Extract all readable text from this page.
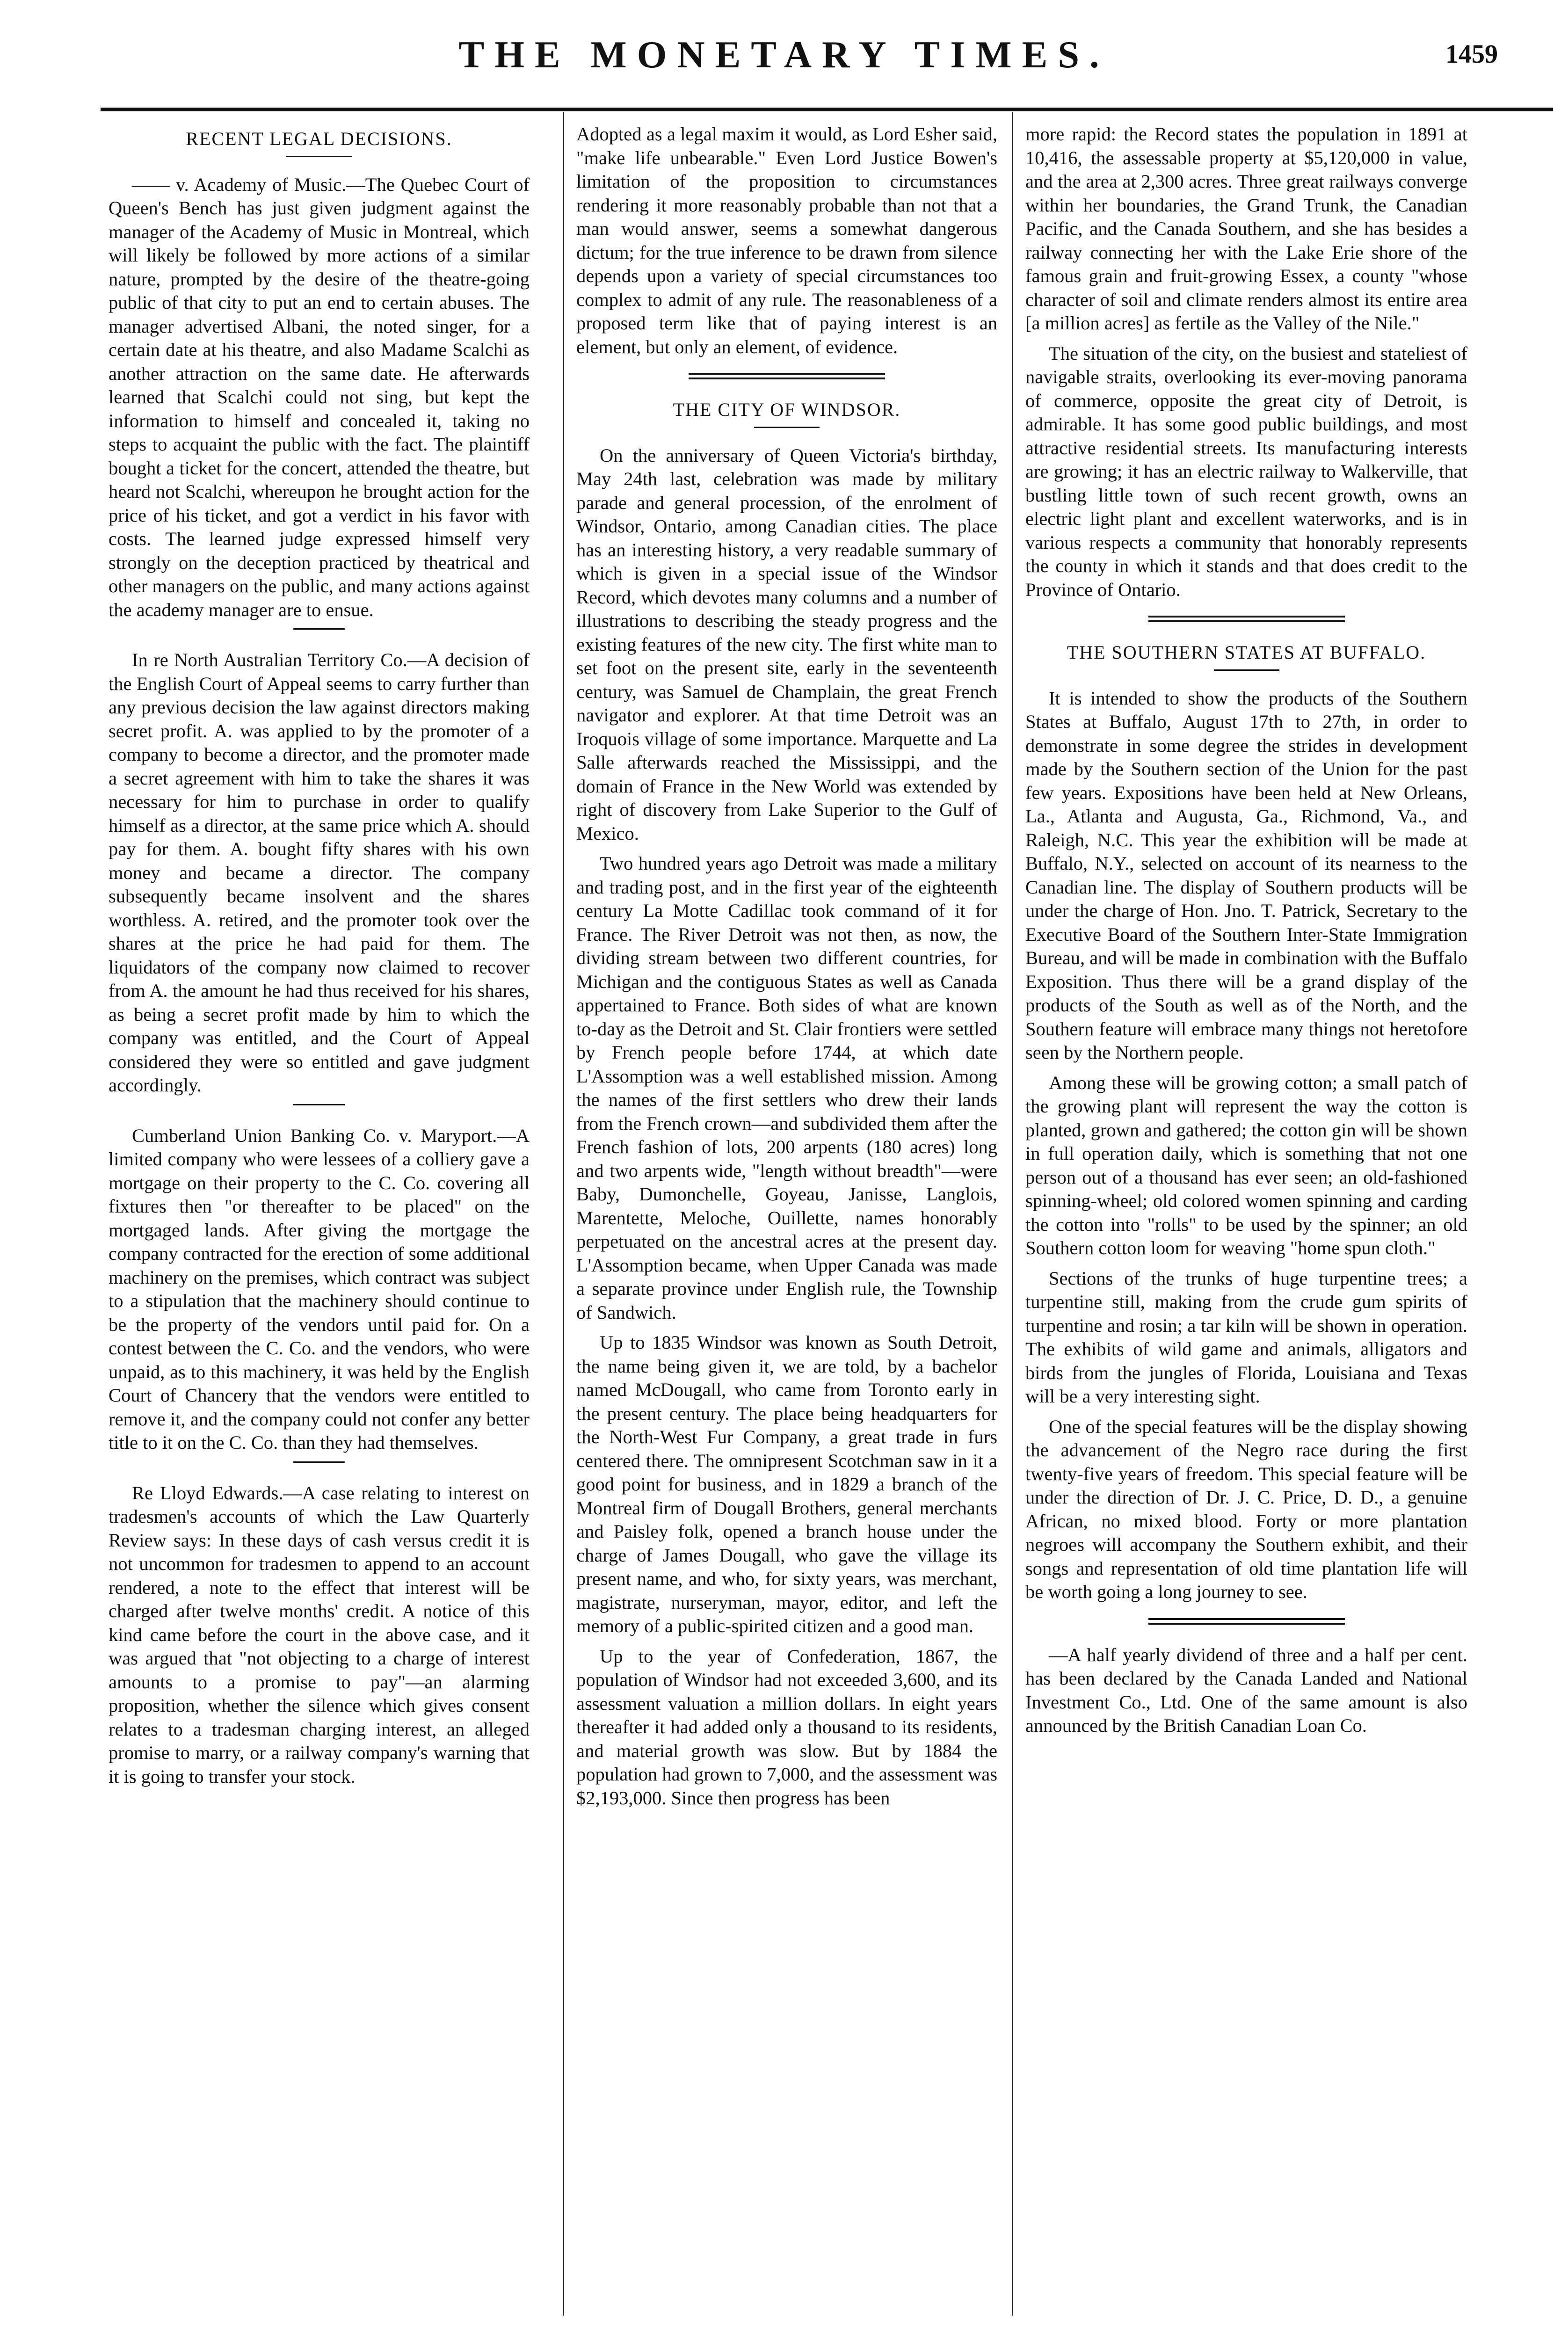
THE MONETARY TIMES.	1459
RECENT LEGAL DECISIONS.

—— v. Academy of Music.—The Quebec Court of Queen's Bench has just given judgment against the manager of the Academy of Music in Montreal, which will likely be followed by more actions of a similar nature, prompted by the desire of the theatre-going public of that city to put an end to certain abuses. The manager advertised Albani, the noted singer, for a certain date at his theatre, and also Madame Scalchi as another attraction on the same date. He afterwards learned that Scalchi could not sing, but kept the information to himself and concealed it, taking no steps to acquaint the public with the fact. The plaintiff bought a ticket for the concert, attended the theatre, but heard not Scalchi, whereupon he brought action for the price of his ticket, and got a verdict in his favor with costs. The learned judge expressed himself very strongly on the deception practiced by theatrical and other managers on the public, and many actions against the academy manager are to ensue.

In re North Australian Territory Co.—A decision of the English Court of Appeal seems to carry further than any previous decision the law against directors making secret profit. A. was applied to by the promoter of a company to become a director, and the promoter made a secret agreement with him to take the shares it was necessary for him to purchase in order to qualify himself as a director, at the same price which A. should pay for them. A. bought fifty shares with his own money and became a director. The company subsequently became insolvent and the shares worthless. A. retired, and the promoter took over the shares at the price he had paid for them. The liquidators of the company now claimed to recover from A. the amount he had thus received for his shares, as being a secret profit made by him to which the company was entitled, and the Court of Appeal considered they were so entitled and gave judgment accordingly.

Cumberland Union Banking Co. v. Maryport.—A limited company who were lessees of a colliery gave a mortgage on their property to the C. Co. covering all fixtures then "or thereafter to be placed" on the mortgaged lands. After giving the mortgage the company contracted for the erection of some additional machinery on the premises, which contract was subject to a stipulation that the machinery should continue to be the property of the vendors until paid for. On a contest between the C. Co. and the vendors, who were unpaid, as to this machinery, it was held by the English Court of Chancery that the vendors were entitled to remove it, and the company could not confer any better title to it on the C. Co. than they had themselves.

Re Lloyd Edwards.—A case relating to interest on tradesmen's accounts of which the Law Quarterly Review says: In these days of cash versus credit it is not uncommon for tradesmen to append to an account rendered, a note to the effect that interest will be charged after twelve months' credit. A notice of this kind came before the court in the above case, and it was argued that "not objecting to a charge of interest amounts to a promise to pay"—an alarming proposition, whether the silence which gives consent relates to a tradesman charging interest, an alleged promise to marry, or a railway company's warning that it is going to transfer your stock.

Adopted as a legal maxim it would, as Lord Esher said, "make life unbearable." Even Lord Justice Bowen's limitation of the proposition to circumstances rendering it more reasonably probable than not that a man would answer, seems a somewhat dangerous dictum; for the true inference to be drawn from silence depends upon a variety of special circumstances too complex to admit of any rule. The reasonableness of a proposed term like that of paying interest is an element, but only an element, of evidence.

THE CITY OF WINDSOR.

On the anniversary of Queen Victoria's birthday, May 24th last, celebration was made by military parade and general procession, of the enrolment of Windsor, Ontario, among Canadian cities. The place has an interesting history, a very readable summary of which is given in a special issue of the Windsor Record, which devotes many columns and a number of illustrations to describing the steady progress and the existing features of the new city. The first white man to set foot on the present site, early in the seventeenth century, was Samuel de Champlain, the great French navigator and explorer. At that time Detroit was an Iroquois village of some importance. Marquette and La Salle afterwards reached the Mississippi, and the domain of France in the New World was extended by right of discovery from Lake Superior to the Gulf of Mexico.

Two hundred years ago Detroit was made a military and trading post, and in the first year of the eighteenth century La Motte Cadillac took command of it for France. The River Detroit was not then, as now, the dividing stream between two different countries, for Michigan and the contiguous States as well as Canada appertained to France. Both sides of what are known to-day as the Detroit and St. Clair frontiers were settled by French people before 1744, at which date L'Assomption was a well established mission. Among the names of the first settlers who drew their lands from the French crown—and subdivided them after the French fashion of lots, 200 arpents (180 acres) long and two arpents wide, "length without breadth"—were Baby, Dumonchelle, Goyeau, Janisse, Langlois, Marentette, Meloche, Ouillette, names honorably perpetuated on the ancestral acres at the present day. L'Assomption became, when Upper Canada was made a separate province under English rule, the Township of Sandwich.

Up to 1835 Windsor was known as South Detroit, the name being given it, we are told, by a bachelor named McDougall, who came from Toronto early in the present century. The place being headquarters for the North-West Fur Company, a great trade in furs centered there. The omnipresent Scotchman saw in it a good point for business, and in 1829 a branch of the Montreal firm of Dougall Brothers, general merchants and Paisley folk, opened a branch house under the charge of James Dougall, who gave the village its present name, and who, for sixty years, was merchant, magistrate, nurseryman, mayor, editor, and left the memory of a public-spirited citizen and a good man.

Up to the year of Confederation, 1867, the population of Windsor had not exceeded 3,600, and its assessment valuation a million dollars. In eight years thereafter it had added only a thousand to its residents, and material growth was slow. But by 1884 the population had grown to 7,000, and the assessment was $2,193,000. Since then progress has been

more rapid: the Record states the population in 1891 at 10,416, the assessable property at $5,120,000 in value, and the area at 2,300 acres. Three great railways converge within her boundaries, the Grand Trunk, the Canadian Pacific, and the Canada Southern, and she has besides a railway connecting her with the Lake Erie shore of the famous grain and fruit-growing Essex, a county "whose character of soil and climate renders almost its entire area [a million acres] as fertile as the Valley of the Nile."

The situation of the city, on the busiest and stateliest of navigable straits, overlooking its ever-moving panorama of commerce, opposite the great city of Detroit, is admirable. It has some good public buildings, and most attractive residential streets. Its manufacturing interests are growing; it has an electric railway to Walkerville, that bustling little town of such recent growth, owns an electric light plant and excellent waterworks, and is in various respects a community that honorably represents the county in which it stands and that does credit to the Province of Ontario.

THE SOUTHERN STATES AT BUFFALO.

It is intended to show the products of the Southern States at Buffalo, August 17th to 27th, in order to demonstrate in some degree the strides in development made by the Southern section of the Union for the past few years. Expositions have been held at New Orleans, La., Atlanta and Augusta, Ga., Richmond, Va., and Raleigh, N.C. This year the exhibition will be made at Buffalo, N.Y., selected on account of its nearness to the Canadian line. The display of Southern products will be under the charge of Hon. Jno. T. Patrick, Secretary to the Executive Board of the Southern Inter-State Immigration Bureau, and will be made in combination with the Buffalo Exposition. Thus there will be a grand display of the products of the South as well as of the North, and the Southern feature will embrace many things not heretofore seen by the Northern people.

Among these will be growing cotton; a small patch of the growing plant will represent the way the cotton is planted, grown and gathered; the cotton gin will be shown in full operation daily, which is something that not one person out of a thousand has ever seen; an old-fashioned spinning-wheel; old colored women spinning and carding the cotton into "rolls" to be used by the spinner; an old Southern cotton loom for weaving "home spun cloth."

Sections of the trunks of huge turpentine trees; a turpentine still, making from the crude gum spirits of turpentine and rosin; a tar kiln will be shown in operation. The exhibits of wild game and animals, alligators and birds from the jungles of Florida, Louisiana and Texas will be a very interesting sight.

One of the special features will be the display showing the advancement of the Negro race during the first twenty-five years of freedom. This special feature will be under the direction of Dr. J. C. Price, D. D., a genuine African, no mixed blood. Forty or more plantation negroes will accompany the Southern exhibit, and their songs and representation of old time plantation life will be worth going a long journey to see.

—A half yearly dividend of three and a half per cent. has been declared by the Canada Landed and National Investment Co., Ltd. One of the same amount is also announced by the British Canadian Loan Co.
